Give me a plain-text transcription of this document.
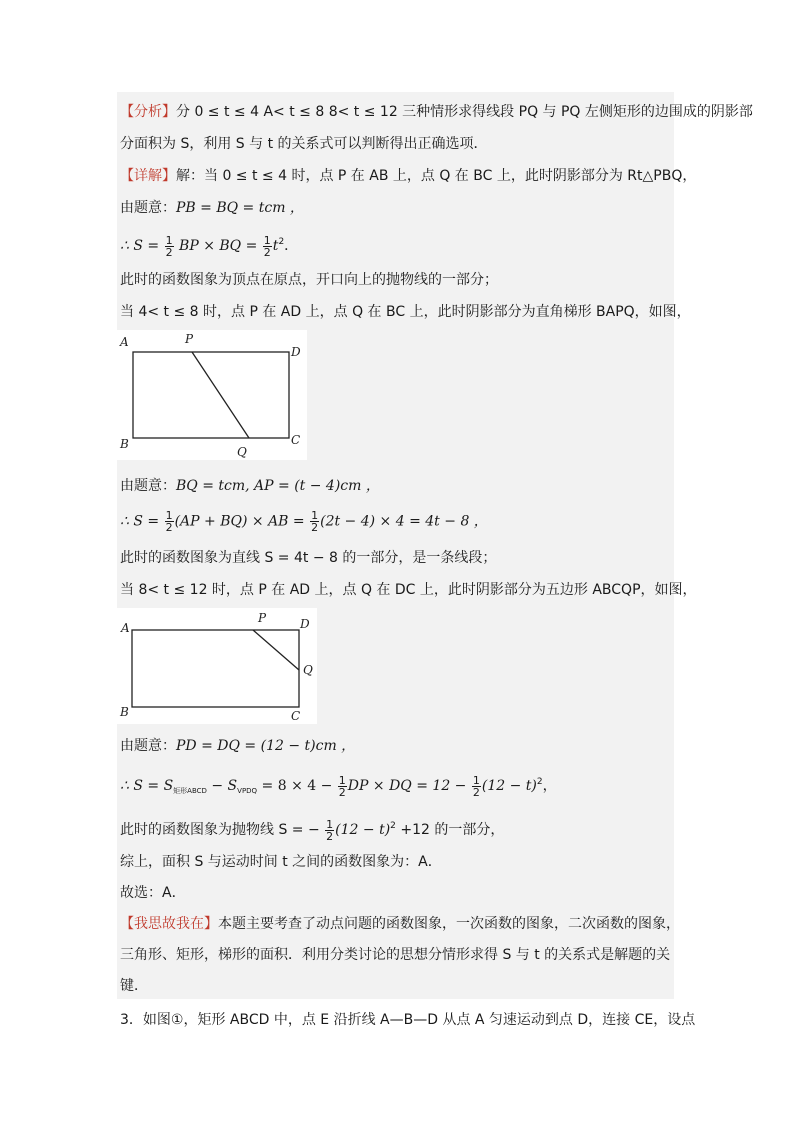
【分析】分 0 ≤ t ≤ 4 A< t ≤ 8 8< t ≤ 12 三种情形求得线段 PQ 与 PQ 左侧矩形的边围成的阴影部
分面积为 S，利用 S 与 t 的关系式可以判断得出正确选项．
【详解】解：当 0 ≤ t ≤ 4 时，点 P 在 AB 上，点 Q 在 BC 上，此时阴影部分为 Rt△PBQ，
由题意：PB = BQ = tcm ，
∴ $S = \frac{1}{2}$ BP × BQ = $\frac{1}{2} t^2$．
此时的函数图象为顶点在原点，开口向上的抛物线的一部分；
当 4< t ≤ 8 时，点 P 在 AD 上，点 Q 在 BC 上，此时阴影部分为直角梯形 BAPQ，如图，
A	P
D
B	C
Q
由题意：BQ = tcm, AP = (t − 4)cm ，
∴ $S = \frac{1}{2} (AP + BQ)$ × AB = $\frac{1}{2} (2t - 4) \times 4 = 4t - 8$ ，
此时的函数图象为直线 S = 4t − 8 的一部分，是一条线段；
当 8< t ≤ 12 时，点 P 在 AD 上，点 Q 在 DC 上，此时阴影部分为五边形 ABCQP，如图，
A
P	D
Q
B	C
由题意：PD = DQ = (12 − t)cm ，
∴ $S = S_{矩形ABCD} - S_{VPDQ} = 8 \times 4 - \frac{1}{2}$ DP × DQ = $12 - \frac{1}{2} (12 - t)^2$，
此时的函数图象为抛物线 S = − $\frac{1}{2} (12 - t)^2 +12$ 的一部分，
综上，面积 S 与运动时间 t 之间的函数图象为：A．
故选：A．
【我思故我在】本题主要考查了动点问题的函数图象，一次函数的图象，二次函数的图象，
三角形、矩形，梯形的面积．利用分类讨论的思想分情形求得 S 与 t 的关系式是解题的关
键．
3．如图①，矩形 ABCD 中，点 E 沿折线 A—B—D 从点 A 匀速运动到点 D，连接 CE，设点
